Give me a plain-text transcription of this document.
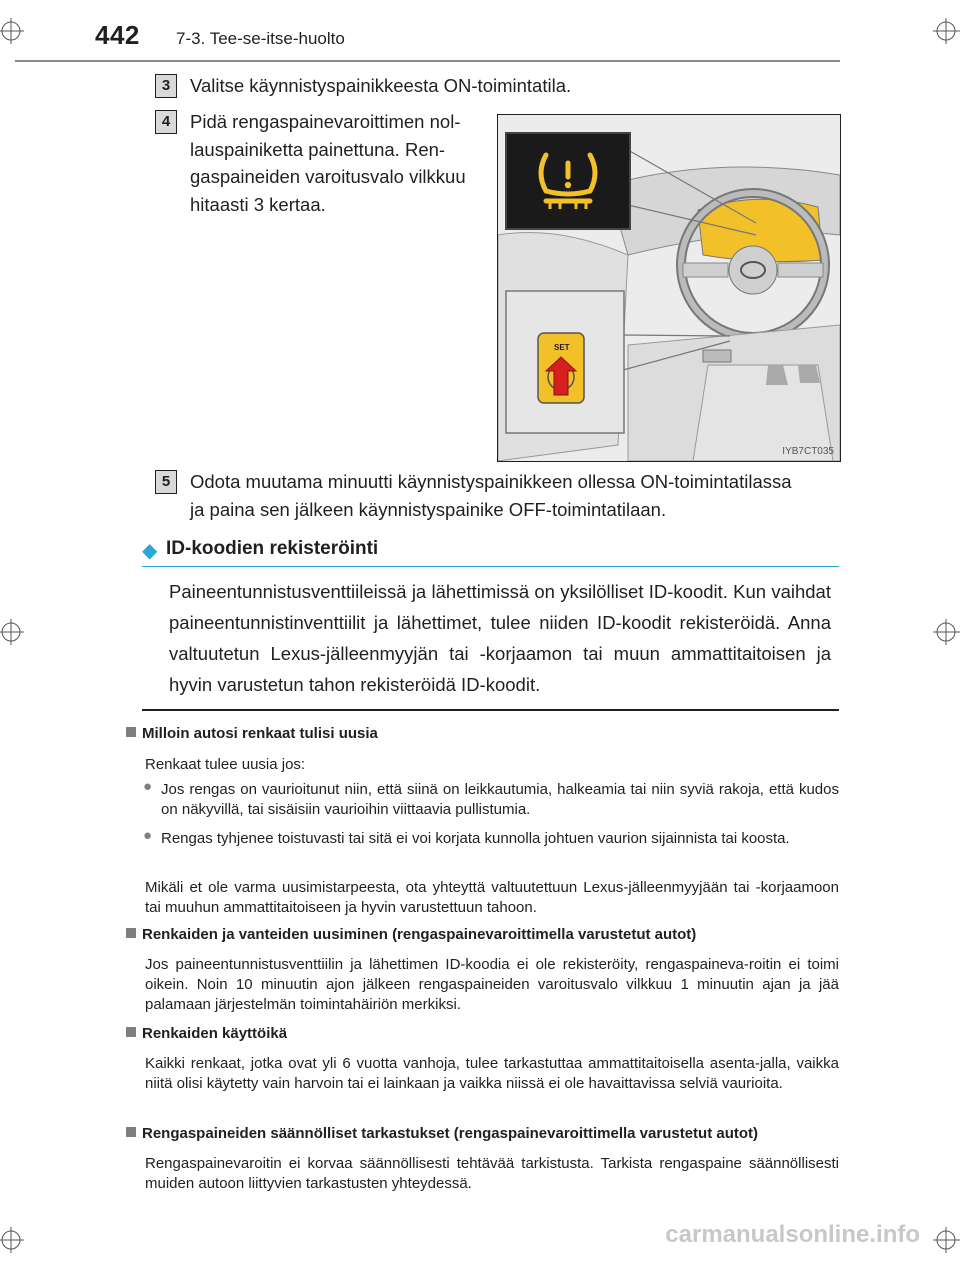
442 7-3. Tee-se-itse-huolto
3	Valitse käynnistyspainikkeesta ON-toimintatila.
4	Pidä rengaspainevaroittimen nol-
lauspainiketta painettuna. Ren-
gaspaineiden varoitusvalo vilkkuu
hitaasti 3 kertaa.
SET
IYB7CT035
5	Odota muutama minuutti käynnistyspainikkeen ollessa ON-toimintatilassa
ja paina sen jälkeen käynnistyspainike OFF-toimintatilaan.
◆ ID-koodien rekisteröinti
Paineentunnistusventtiileissä ja lähettimissä on yksilölliset ID-koodit. Kun vaihdat paineentunnistinventtiilit ja lähettimet, tulee niiden ID-koodit rekisteröidä. Anna valtuutetun Lexus-jälleenmyyjän tai -korjaamon tai muun ammattitaitoisen ja hyvin varustetun tahon rekisteröidä ID-koodit.
Milloin autosi renkaat tulisi uusia
Renkaat tulee uusia jos:
● Jos rengas on vaurioitunut niin, että siinä on leikkautumia, halkeamia tai niin syviä rakoja, että kudos on näkyvillä, tai sisäisiin vaurioihin viittaavia pullistumia.
● Rengas tyhjenee toistuvasti tai sitä ei voi korjata kunnolla johtuen vaurion sijainnista tai koosta.
Mikäli et ole varma uusimistarpeesta, ota yhteyttä valtuutettuun Lexus-jälleenmyyjään tai -korjaamoon tai muuhun ammattitaitoiseen ja hyvin varustettuun tahoon.
Renkaiden ja vanteiden uusiminen (rengaspainevaroittimella varustetut autot)
Jos paineentunnistusventtiilin ja lähettimen ID-koodia ei ole rekisteröity, rengaspaineva-roitin ei toimi oikein. Noin 10 minuutin ajon jälkeen rengaspaineiden varoitusvalo vilkkuu 1 minuutin ajan ja jää palamaan järjestelmän toimintahäiriön merkiksi.
Renkaiden käyttöikä
Kaikki renkaat, jotka ovat yli 6 vuotta vanhoja, tulee tarkastuttaa ammattitaitoisella asenta-jalla, vaikka niitä olisi käytetty vain harvoin tai ei lainkaan ja vaikka niissä ei ole havaittavissa selviä vaurioita.
Rengaspaineiden säännölliset tarkastukset (rengaspainevaroittimella varustetut autot)
Rengaspainevaroitin ei korvaa säännöllisesti tehtävää tarkistusta. Tarkista rengaspaine säännöllisesti muiden autoon liittyvien tarkastusten yhteydessä.
carmanualsonline.info
